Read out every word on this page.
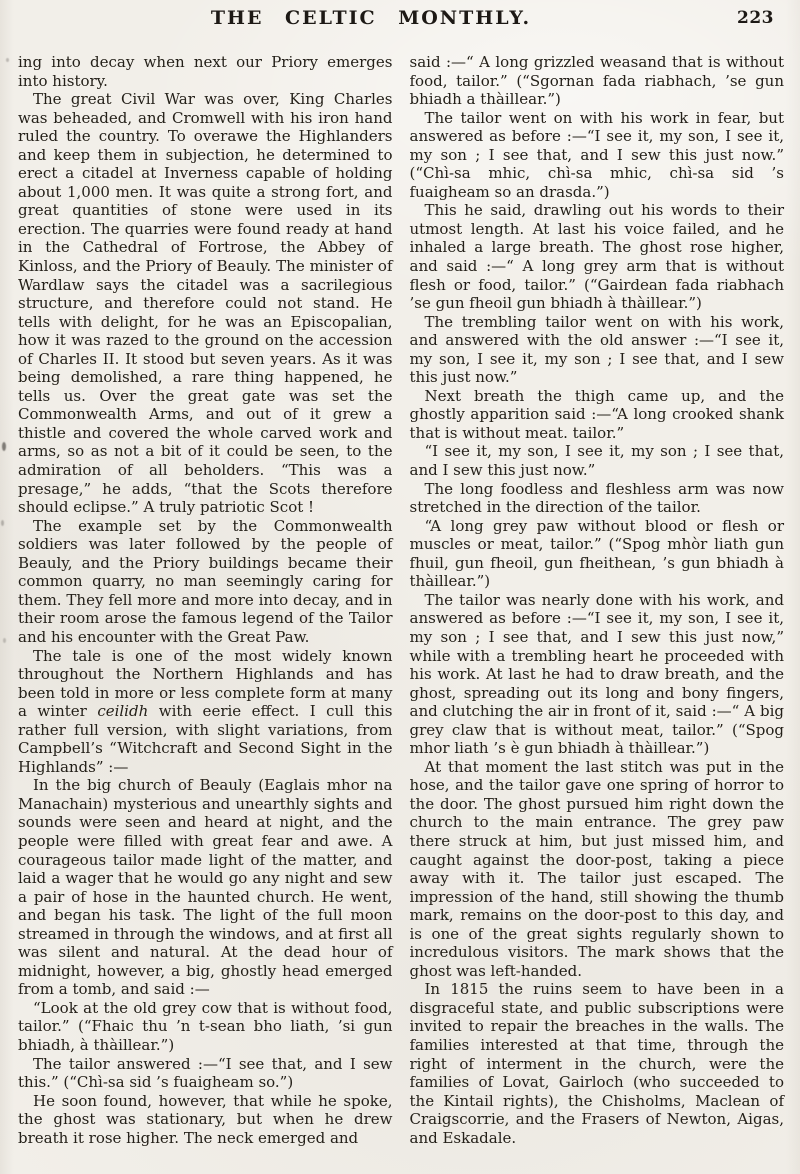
THE CELTIC MONTHLY.	223

ing into decay when next our Priory emerges into history.

The great Civil War was over, King Charles was beheaded, and Cromwell with his iron hand ruled the country. To overawe the Highlanders and keep them in subjection, he determined to erect a citadel at Inverness capable of holding about 1,000 men. It was quite a strong fort, and great quantities of stone were used in its erection. The quarries were found ready at hand in the Cathedral of Fortrose, the Abbey of Kinloss, and the Priory of Beauly. The minister of Wardlaw says the citadel was a sacrilegious structure, and therefore could not stand. He tells with delight, for he was an Episcopalian, how it was razed to the ground on the accession of Charles II. It stood but seven years. As it was being demolished, a rare thing happened, he tells us. Over the great gate was set the Commonwealth Arms, and out of it grew a thistle and covered the whole carved work and arms, so as not a bit of it could be seen, to the admiration of all beholders. “This was a presage,” he adds, “that the Scots therefore should eclipse.” A truly patriotic Scot !

The example set by the Commonwealth soldiers was later followed by the people of Beauly, and the Priory buildings became their common quarry, no man seemingly caring for them. They fell more and more into decay, and in their room arose the famous legend of the Tailor and his encounter with the Great Paw.

The tale is one of the most widely known throughout the Northern Highlands and has been told in more or less complete form at many a winter ceilidh with eerie effect. I cull this rather full version, with slight variations, from Campbell’s “Witchcraft and Second Sight in the Highlands” :—

In the big church of Beauly (Eaglais mhor na Manachain) mysterious and unearthly sights and sounds were seen and heard at night, and the people were filled with great fear and awe. A courageous tailor made light of the matter, and laid a wager that he would go any night and sew a pair of hose in the haunted church. He went, and began his task. The light of the full moon streamed in through the windows, and at first all was silent and natural. At the dead hour of midnight, however, a big, ghostly head emerged from a tomb, and said :—

“Look at the old grey cow that is without food, tailor.” (“Fhaic thu ’n t-sean bho liath, ’si gun bhiadh, à thàillear.”)

The tailor answered :—“I see that, and I sew this.” (“Chì-sa sid ’s fuaigheam so.”)

He soon found, however, that while he spoke, the ghost was stationary, but when he drew breath it rose higher. The neck emerged and

said :—“ A long grizzled weasand that is without food, tailor.” (“Sgornan fada riabhach, ’se gun bhiadh a thàillear.”)

The tailor went on with his work in fear, but answered as before :—“I see it, my son, I see it, my son ; I see that, and I sew this just now.” (“Chì-sa mhic, chì-sa mhic, chì-sa sid ’s fuaigheam so an drasda.”)

This he said, drawling out his words to their utmost length. At last his voice failed, and he inhaled a large breath. The ghost rose higher, and said :—“ A long grey arm that is without flesh or food, tailor.” (“Gairdean fada riabhach ’se gun fheoil gun bhiadh à thàillear.”)

The trembling tailor went on with his work, and answered with the old answer :—“I see it, my son, I see it, my son ; I see that, and I sew this just now.”

Next breath the thigh came up, and the ghostly apparition said :—“A long crooked shank that is without meat. tailor.”

“I see it, my son, I see it, my son ; I see that, and I sew this just now.”

The long foodless and fleshless arm was now stretched in the direction of the tailor.

“A long grey paw without blood or flesh or muscles or meat, tailor.” (“Spog mhòr liath gun fhuil, gun fheoil, gun fheithean, ’s gun bhiadh à thàillear.”)

The tailor was nearly done with his work, and answered as before :—“I see it, my son, I see it, my son ; I see that, and I sew this just now,” while with a trembling heart he proceeded with his work. At last he had to draw breath, and the ghost, spreading out its long and bony fingers, and clutching the air in front of it, said :—“ A big grey claw that is without meat, tailor.” (“Spog mhor liath ’s è gun bhiadh à thàillear.”)

At that moment the last stitch was put in the hose, and the tailor gave one spring of horror to the door. The ghost pursued him right down the church to the main entrance. The grey paw there struck at him, but just missed him, and caught against the door-post, taking a piece away with it. The tailor just escaped. The impression of the hand, still showing the thumb mark, remains on the door-post to this day, and is one of the great sights regularly shown to incredulous visitors. The mark shows that the ghost was left-handed.

In 1815 the ruins seem to have been in a disgraceful state, and public subscriptions were invited to repair the breaches in the walls. The families interested at that time, through the right of interment in the church, were the families of Lovat, Gairloch (who succeeded to the Kintail rights), the Chisholms, Maclean of Craigscorrie, and the Frasers of Newton, Aigas, and Eskadale.
